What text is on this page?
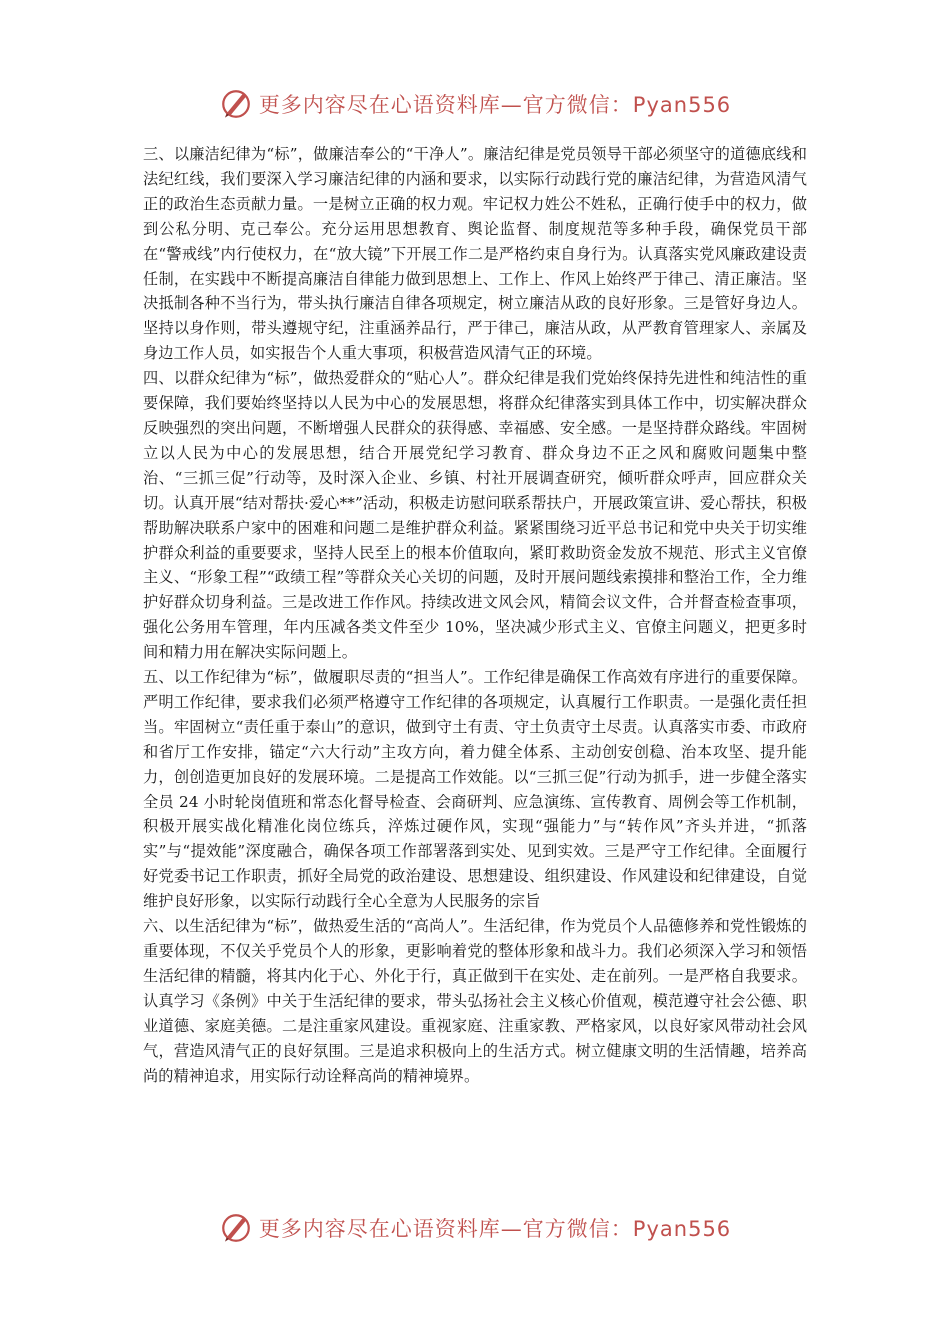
更多内容尽在心语资料库—官方微信：Pyan556

三、以廉洁纪律为“标”，做廉洁奉公的“干净人”。廉洁纪律是党员领导干部必须坚守的道德底线和法纪红线，我们要深入学习廉洁纪律的内涵和要求，以实际行动践行党的廉洁纪律，为营造风清气正的政治生态贡献力量。一是树立正确的权力观。牢记权力姓公不姓私，正确行使手中的权力，做到公私分明、克己奉公。充分运用思想教育、舆论监督、制度规范等多种手段，确保党员干部在“警戒线”内行使权力，在“放大镜”下开展工作二是严格约束自身行为。认真落实党风廉政建设责任制，在实践中不断提高廉洁自律能力做到思想上、工作上、作风上始终严于律己、清正廉洁。坚决抵制各种不当行为，带头执行廉洁自律各项规定，树立廉洁从政的良好形象。三是管好身边人。坚持以身作则，带头遵规守纪，注重涵养品行，严于律己，廉洁从政，从严教育管理家人、亲属及身边工作人员，如实报告个人重大事项，积极营造风清气正的环境。

四、以群众纪律为“标”，做热爱群众的“贴心人”。群众纪律是我们党始终保持先进性和纯洁性的重要保障，我们要始终坚持以人民为中心的发展思想，将群众纪律落实到具体工作中，切实解决群众反映强烈的突出问题，不断增强人民群众的获得感、幸福感、安全感。一是坚持群众路线。牢固树立以人民为中心的发展思想，结合开展党纪学习教育、群众身边不正之风和腐败问题集中整治、“三抓三促”行动等，及时深入企业、乡镇、村社开展调查研究，倾听群众呼声，回应群众关切。认真开展“结对帮扶·爱心**”活动，积极走访慰问联系帮扶户，开展政策宣讲、爱心帮扶，积极帮助解决联系户家中的困难和问题二是维护群众利益。紧紧围绕习近平总书记和党中央关于切实维护群众利益的重要要求，坚持人民至上的根本价值取向，紧盯救助资金发放不规范、形式主义官僚主义、“形象工程”“政绩工程”等群众关心关切的问题，及时开展问题线索摸排和整治工作，全力维护好群众切身利益。三是改进工作作风。持续改进文风会风，精简会议文件，合并督查检查事项，强化公务用车管理，年内压减各类文件至少 10%，坚决减少形式主义、官僚主问题义，把更多时间和精力用在解决实际问题上。

五、以工作纪律为“标”，做履职尽责的“担当人”。工作纪律是确保工作高效有序进行的重要保障。严明工作纪律，要求我们必须严格遵守工作纪律的各项规定，认真履行工作职责。一是强化责任担当。牢固树立“责任重于泰山”的意识，做到守土有责、守土负责守土尽责。认真落实市委、市政府和省厅工作安排，锚定“六大行动”主攻方向，着力健全体系、主动创安创稳、治本攻坚、提升能力，创创造更加良好的发展环境。二是提高工作效能。以“三抓三促”行动为抓手，进一步健全落实全员 24 小时轮岗值班和常态化督导检查、会商研判、应急演练、宣传教育、周例会等工作机制，积极开展实战化精准化岗位练兵，淬炼过硬作风，实现“强能力”与“转作风”齐头并进，“抓落实”与“提效能”深度融合，确保各项工作部署落到实处、见到实效。三是严守工作纪律。全面履行好党委书记工作职责，抓好全局党的政治建设、思想建设、组织建设、作风建设和纪律建设，自觉维护良好形象，以实际行动践行全心全意为人民服务的宗旨

六、以生活纪律为“标”，做热爱生活的“高尚人”。生活纪律，作为党员个人品德修养和党性锻炼的重要体现，不仅关乎党员个人的形象，更影响着党的整体形象和战斗力。我们必须深入学习和领悟生活纪律的精髓，将其内化于心、外化于行，真正做到干在实处、走在前列。一是严格自我要求。认真学习《条例》中关于生活纪律的要求，带头弘扬社会主义核心价值观，模范遵守社会公德、职业道德、家庭美德。二是注重家风建设。重视家庭、注重家教、严格家风，以良好家风带动社会风气，营造风清气正的良好氛围。三是追求积极向上的生活方式。树立健康文明的生活情趣，培养高尚的精神追求，用实际行动诠释高尚的精神境界。

更多内容尽在心语资料库—官方微信：Pyan556
